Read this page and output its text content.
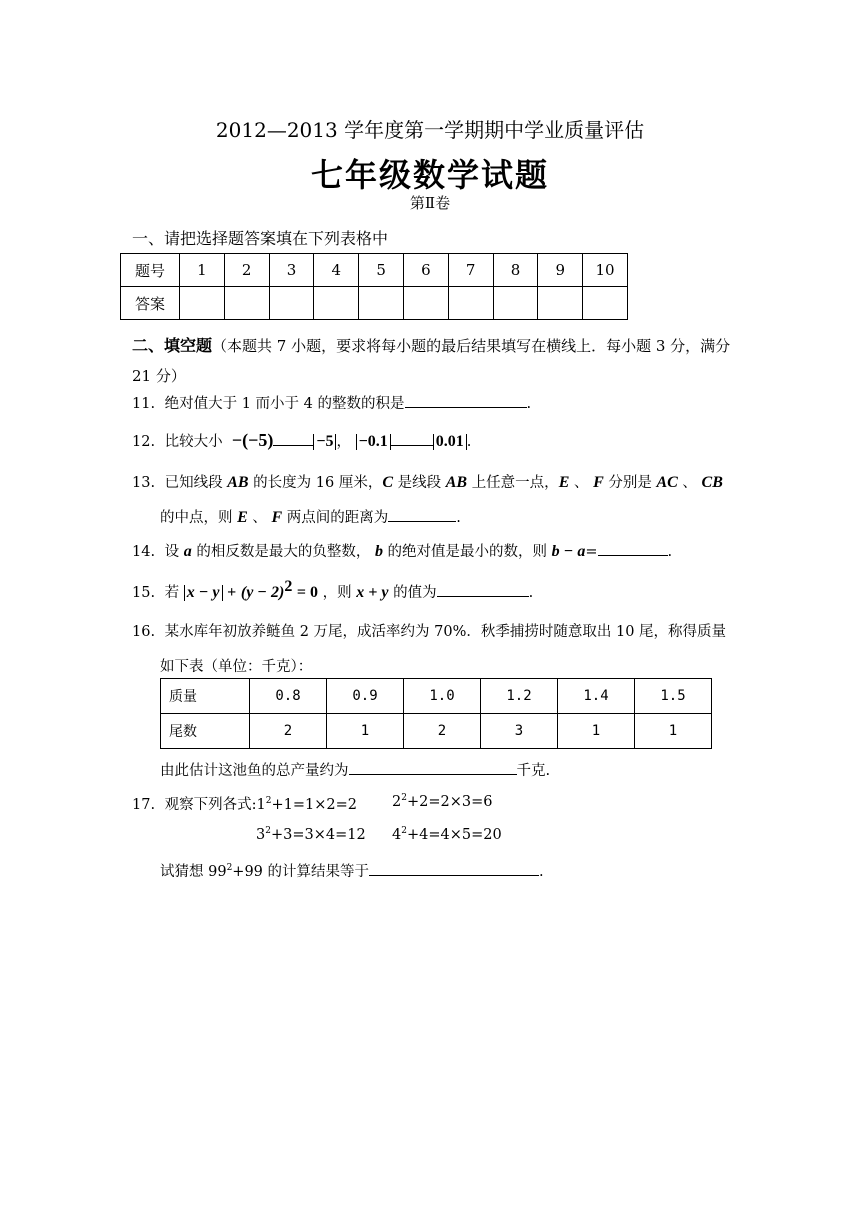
2012—2013 学年度第一学期期中学业质量评估
七年级数学试题
第Ⅱ卷
一、请把选择题答案填在下列表格中
题号	1	2	3	4	5	6	7	8	9	10
答案										
二、填空题（本题共 7 小题，要求将每小题的最后结果填写在横线上．每小题 3 分，满分
21 分）
11. 绝对值大于 1 而小于 4 的整数的积是	.
12. 比较大小 −(−5)	−5 ， −0.1	0.01 .
13. 已知线段 AB 的长度为 16 厘米，C 是线段 AB 上任意一点，E 、 F 分别是 AC 、 CB
的中点，则 E 、 F 两点间的距离为	.
14. 设 a 的相反数是最大的负整数， b 的绝对值是最小的数，则 b − a=	.
15. 若 $x - y + (y - 2)^2 = 0$ ，则 x + y 的值为	.
16. 某水库年初放养鲢鱼 2 万尾，成活率约为 70%．秋季捕捞时随意取出 10 尾，称得质量
如下表（单位：千克）：
质量	0.8	0.9	1.0	1.2	1.4	1.5
尾数	2	1	2	3	1	1
由此估计这池鱼的总产量约为	千克.
17. 观察下列各式$:1^2+1=1\times 2=2$ $2^2+2=2\times 3=6$
$3^2+3=3\times 4=12$ $4^2+4=4\times 5=20$
试猜想 $99^2+99$ 的计算结果等于	.
